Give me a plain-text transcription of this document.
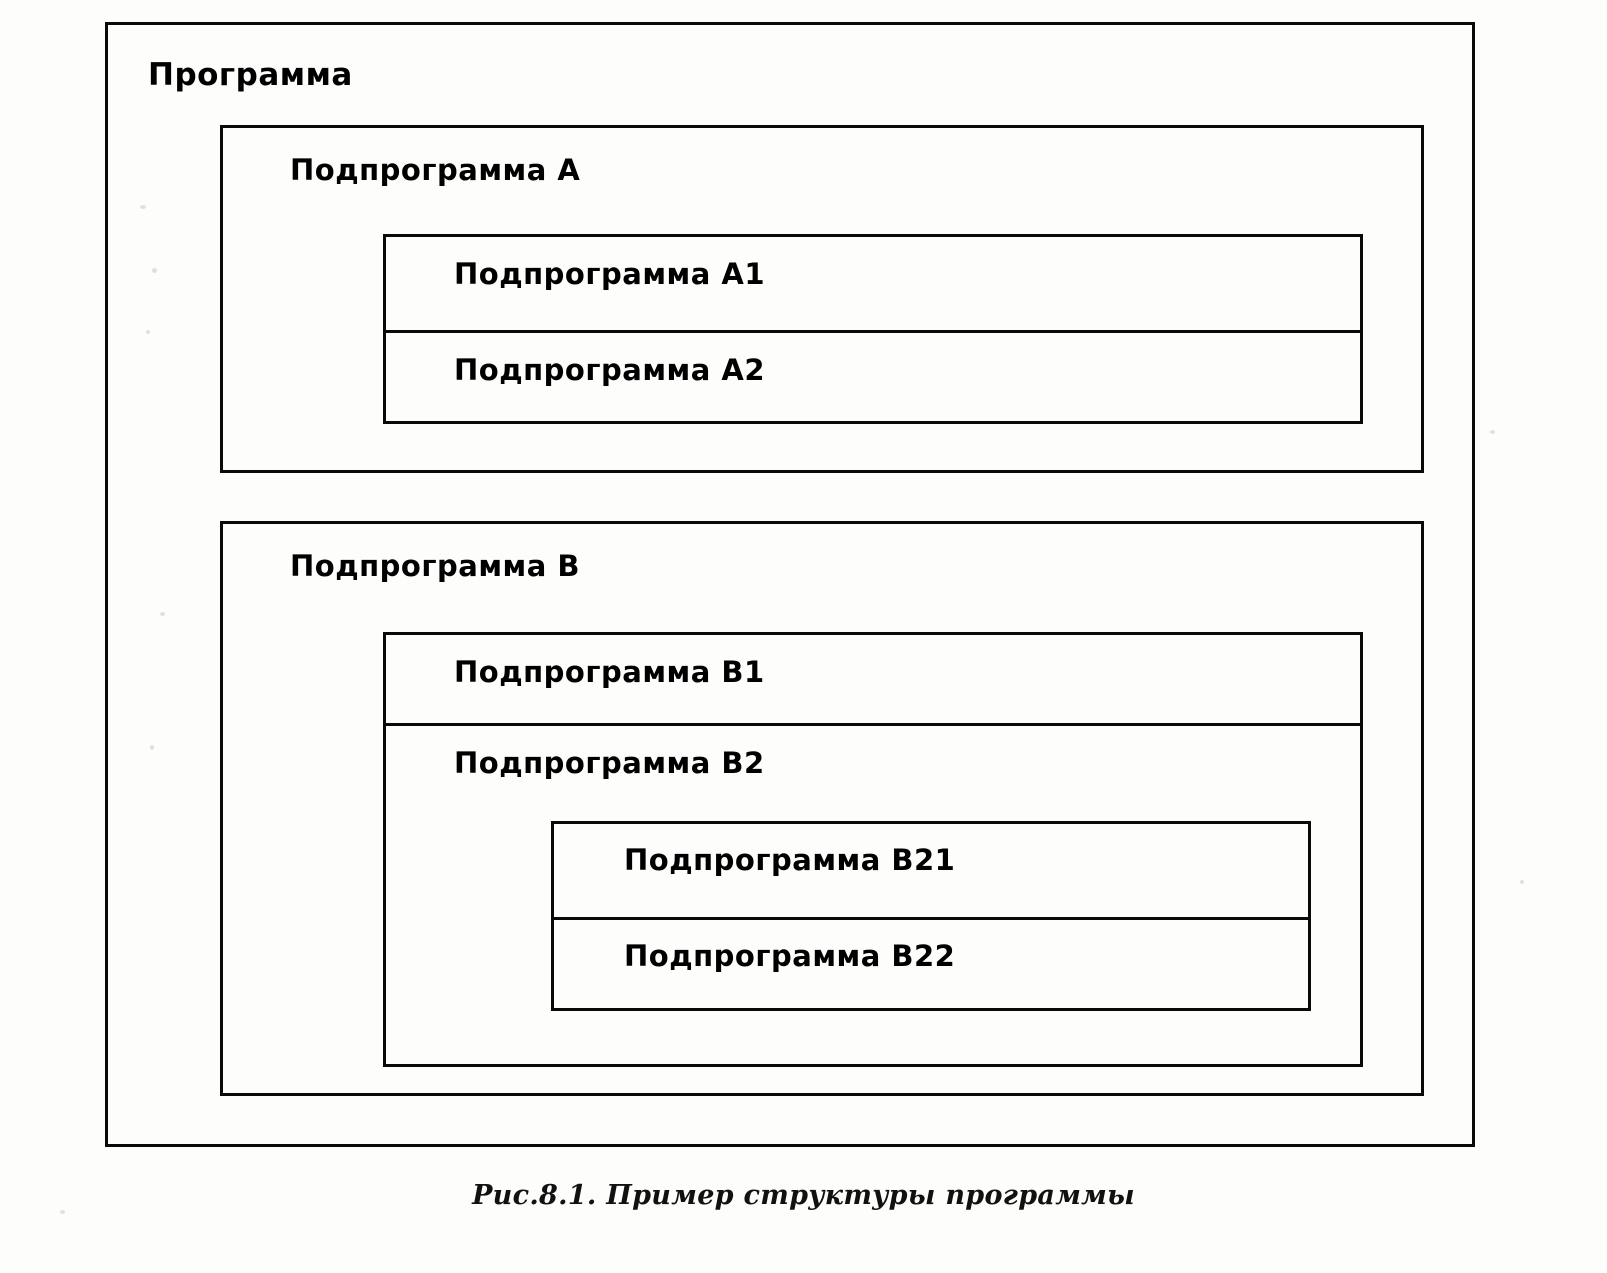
Программа
Подпрограмма А
Подпрограмма А1
Подпрограмма А2
Подпрограмма В
Подпрограмма В1
Подпрограмма В2
Подпрограмма В21
Подпрограмма В22
Рис.8.1. Пример структуры программы
